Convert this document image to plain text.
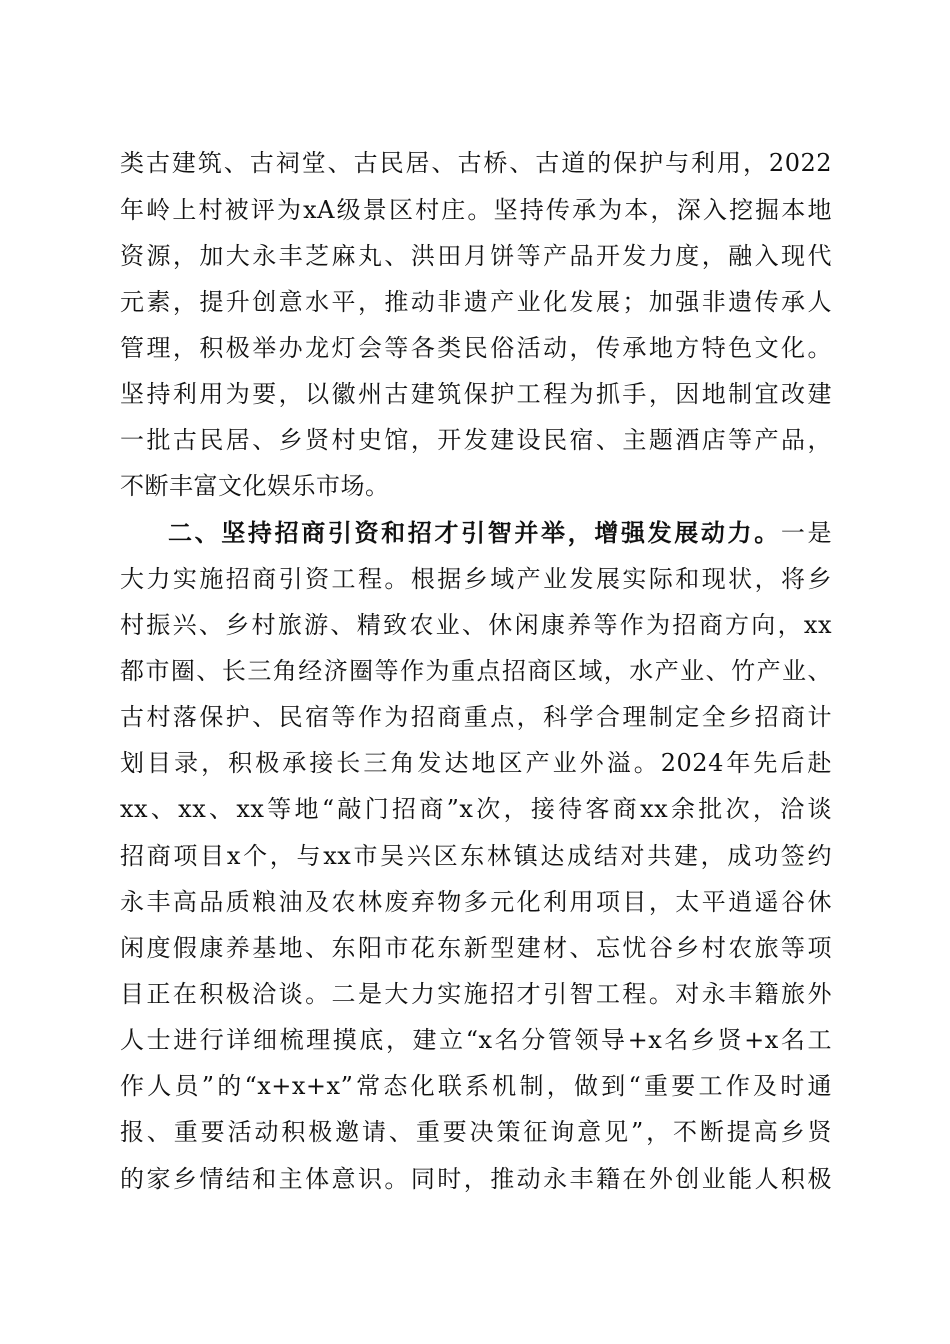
类古建筑、古祠堂、古民居、古桥、古道的保护与利用，2022
年岭上村被评为xA级景区村庄。坚持传承为本，深入挖掘本地
资源，加大永丰芝麻丸、洪田月饼等产品开发力度，融入现代
元素，提升创意水平，推动非遗产业化发展；加强非遗传承人
管理，积极举办龙灯会等各类民俗活动，传承地方特色文化。
坚持利用为要，以徽州古建筑保护工程为抓手，因地制宜改建
一批古民居、乡贤村史馆，开发建设民宿、主题酒店等产品，
不断丰富文化娱乐市场。
二、坚持招商引资和招才引智并举，增强发展动力。一是
大力实施招商引资工程。根据乡域产业发展实际和现状，将乡
村振兴、乡村旅游、精致农业、休闲康养等作为招商方向，xx
都市圈、长三角经济圈等作为重点招商区域，水产业、竹产业、
古村落保护、民宿等作为招商重点，科学合理制定全乡招商计
划目录，积极承接长三角发达地区产业外溢。2024年先后赴
xx、xx、xx等地“敲门招商”x次，接待客商xx余批次，洽谈
招商项目x个，与xx市吴兴区东林镇达成结对共建，成功签约
永丰高品质粮油及农林废弃物多元化利用项目，太平逍遥谷休
闲度假康养基地、东阳市花东新型建材、忘忧谷乡村农旅等项
目正在积极洽谈。二是大力实施招才引智工程。对永丰籍旅外
人士进行详细梳理摸底，建立“x名分管领导+x名乡贤+x名工
作人员”的“x+x+x”常态化联系机制，做到“重要工作及时通
报、重要活动积极邀请、重要决策征询意见”，不断提高乡贤
的家乡情结和主体意识。同时，推动永丰籍在外创业能人积极
